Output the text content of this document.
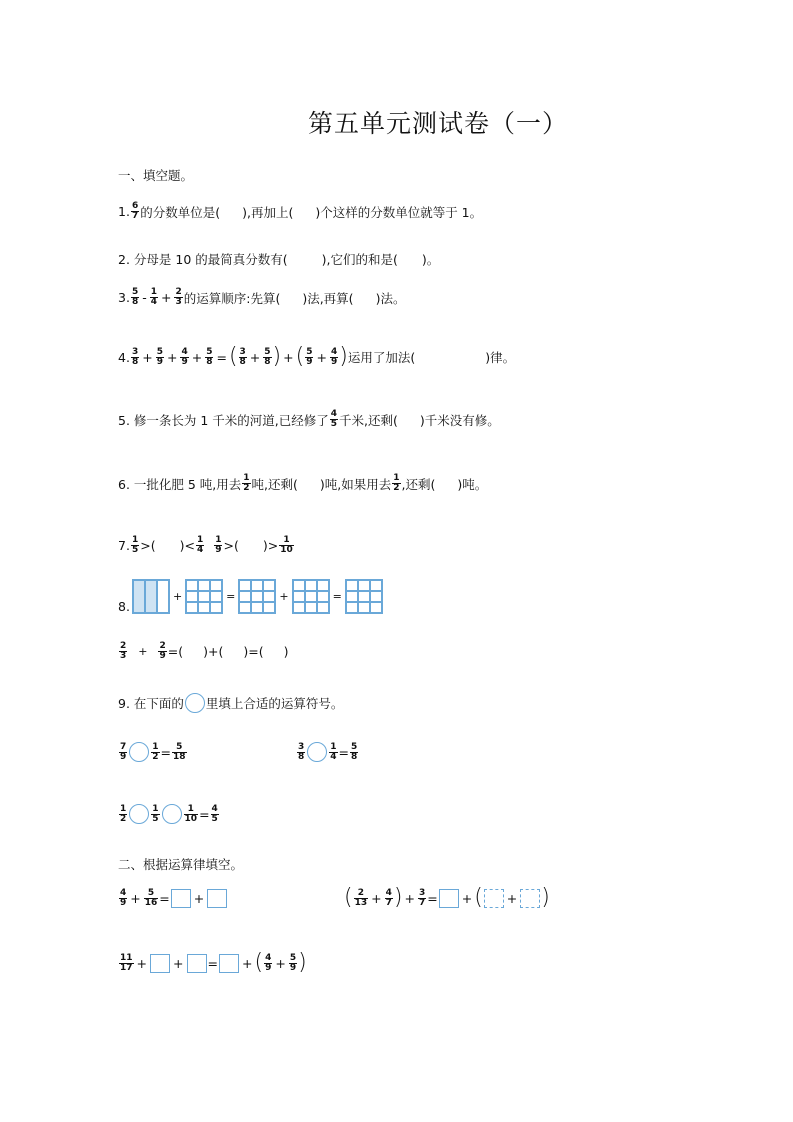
第五单元测试卷（一）
一、填空题。
1. $\frac{6}{7}$ 的分数单位是( ),再加上( )个这样的分数单位就等于 1。
2. 分母是 10 的最简真分数有(	),它们的和是( )。
3. $\frac{5}{8} - \frac{1}{4} + \frac{2}{3}$ 的运算顺序:先算( )法,再算( )法。
4. $\frac{3}{8} + \frac{5}{9} + \frac{4}{9} + \frac{5}{8}$ = ( $\frac{3}{8} + \frac{5}{8}$ ) + ( $\frac{5}{9} + \frac{4}{9}$ ) 运用了加法(	)律。
5. 修一条长为 1 千米的河道,已经修了 $\frac{4}{5}$ 千米,还剩( )千米没有修。
6. 一批化肥 5 吨,用去 $\frac{1}{2}$ 吨,还剩( )吨,如果用去 $\frac{1}{2}$ ,还剩( )吨。
7. $\frac{1}{5}$ > ( ) < $\frac{1}{4} \frac{1}{9}$ > ( ) > $\frac{1}{10}$
8.
+	=	+	=
$\frac{2}{3} + \frac{2}{9}$ =( )+( )=( )
9. 在下面的 里填上合适的运算符号。
$\frac{7}{9}$	$\frac{1}{2} = \frac{5}{18}$	$\frac{3}{8}$	$\frac{1}{4} = \frac{5}{8}$
$\frac{1}{2}$	$\frac{1}{5}$	$\frac{1}{10} = \frac{4}{5}$
二、根据运算律填空。
$\frac{4}{9} + \frac{5}{16}$ = +	( $\frac{2}{13} + \frac{4}{7}$ ) + $\frac{3}{7}$ = + ( + )
$\frac{11}{17}$ + + = + ( $\frac{4}{9} + \frac{5}{9}$ )
